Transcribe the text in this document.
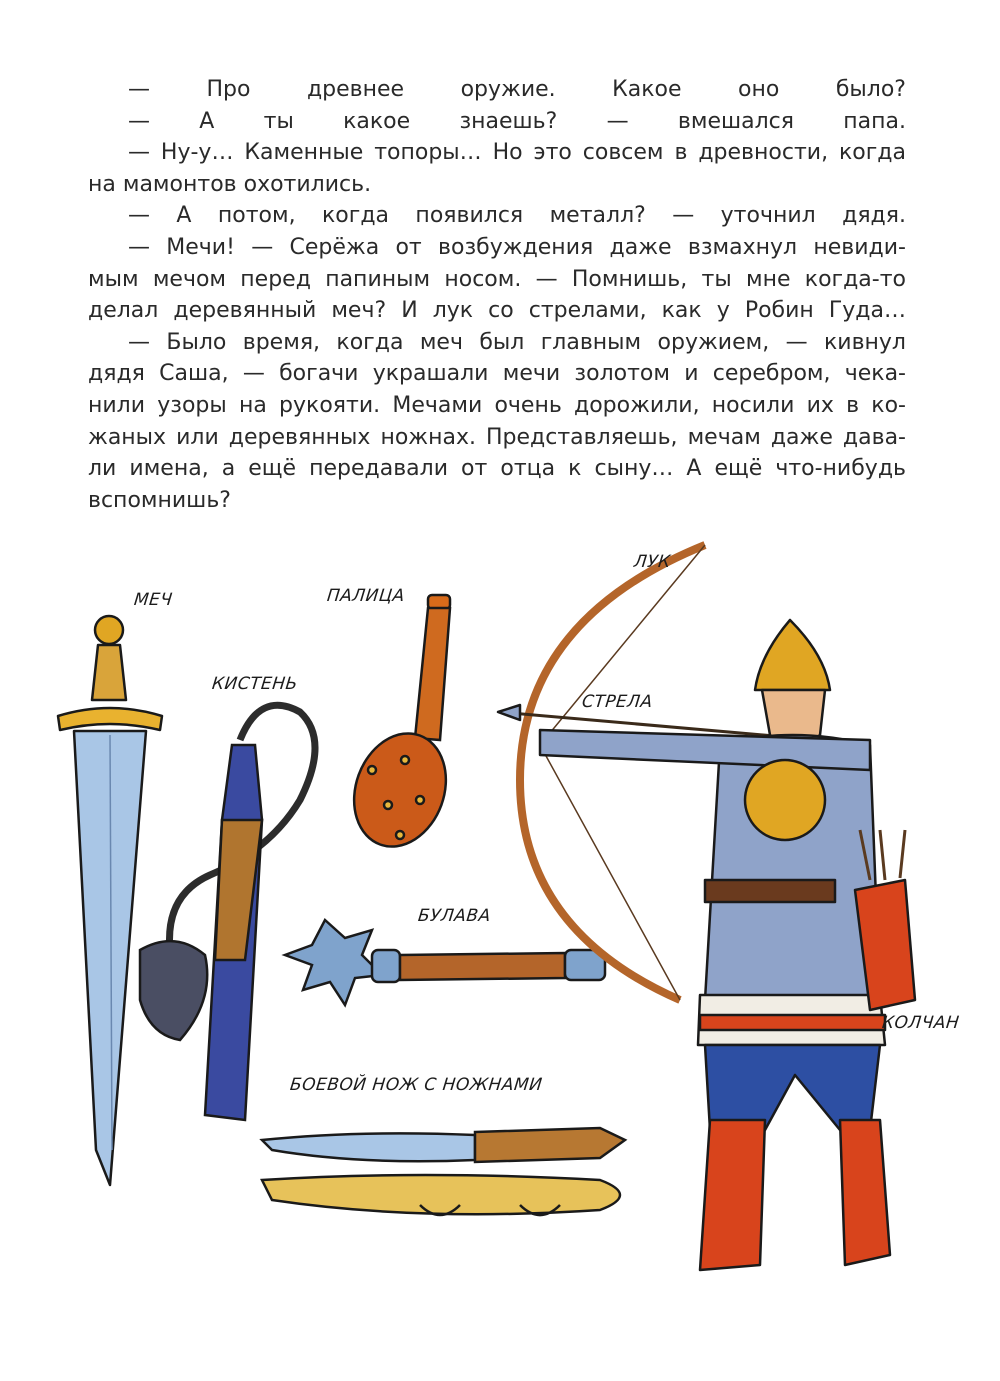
— Про древнее оружие. Какое оно было?
— А ты какое знаешь? — вмешался папа.
— Ну-у… Каменные топоры… Но это совсем в древности, когда
на мамонтов охотились.
— А потом, когда появился металл? — уточнил дядя.
— Мечи! — Серёжа от возбуждения даже взмахнул невиди-
мым мечом перед папиным носом. — Помнишь, ты мне когда-то
делал деревянный меч? И лук со стрелами, как у Робин Гуда…
— Было время, когда меч был главным оружием, — кивнул
дядя Саша, — богачи украшали мечи золотом и серебром, чека-
нили узоры на рукояти. Мечами очень дорожили, носили их в ко-
жаных или деревянных ножнах. Представляешь, мечам даже дава-
ли имена, а ещё передавали от отца к сыну… А ещё что-нибудь
вспомнишь?
МЕЧ
КИСТЕНЬ
ПАЛИЦА
ЛУК
СТРЕЛА
БУЛАВА
БОЕВОЙ НОЖ С НОЖНАМИ
КОЛЧАН
